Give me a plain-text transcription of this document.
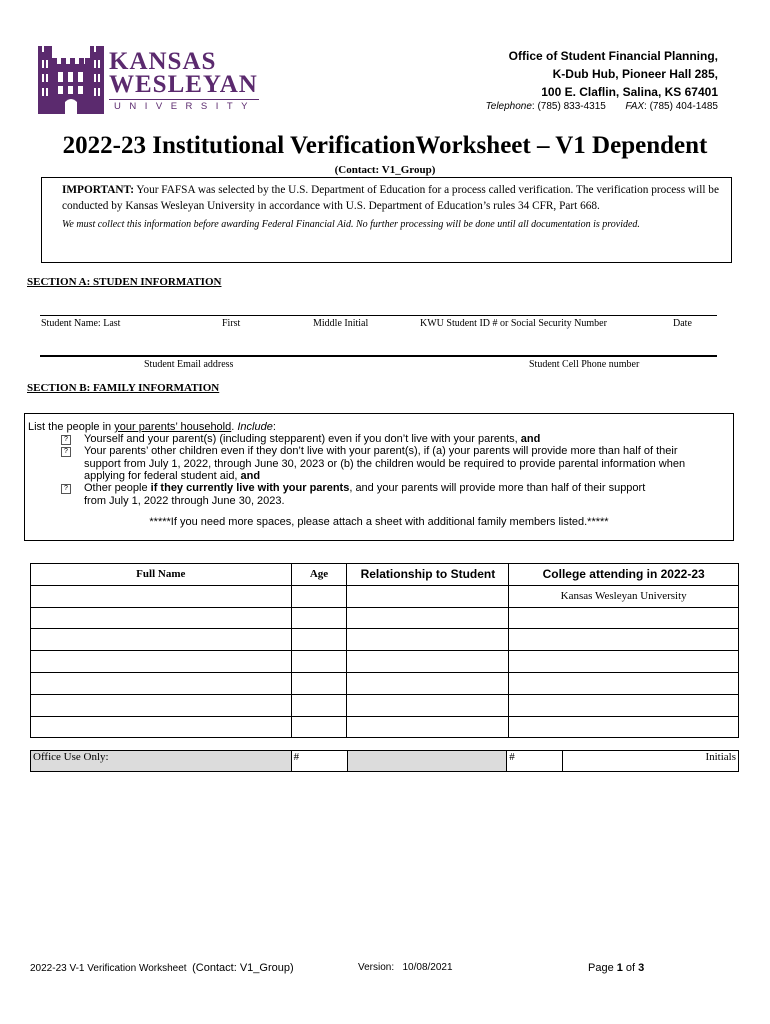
KANSAS
WESLEYAN
UNIVERSITY
Office of Student Financial Planning,
K-Dub Hub, Pioneer Hall 285,
100 E. Claflin, Salina, KS 67401
Telephone: (785) 833-4315 FAX: (785) 404-1485
2022-23 Institutional VerificationWorksheet – V1 Dependent
(Contact: V1_Group)
IMPORTANT: Your FAFSA was selected by the U.S. Department of Education for a process called verification. The verification process will be conducted by Kansas Wesleyan University in accordance with U.S. Department of Education’s rules 34 CFR, Part 668.
We must collect this information before awarding Federal Financial Aid. No further processing will be done until all documentation is provided.
SECTION A: STUDEN INFORMATION
Student Name: Last	First	Middle Initial	KWU Student ID # or Social Security Number	Date
Student Email address	Student Cell Phone number
SECTION B: FAMILY INFORMATION
List the people in your parents’ household. Include:
? Yourself and your parent(s) (including stepparent) even if you don’t live with your parents, and
? Your parents’ other children even if they don’t live with your parent(s), if (a) your parents will provide more than half of their
support from July 1, 2022, through June 30, 2023 or (b) the children would be required to provide parental information when
applying for federal student aid, and
? Other people if they currently live with your parents, and your parents will provide more than half of their support
from July 1, 2022 through June 30, 2023.
*****If you need more spaces, please attach a sheet with additional family members listed.*****
Full Name	Age	Relationship to Student	College attending in 2022-23
			Kansas Wesleyan University

Office Use Only:	#		#	Initials
2022-23 V-1 Verification Worksheet (Contact: V1_Group)	Version: 10/08/2021	Page 1 of 3
